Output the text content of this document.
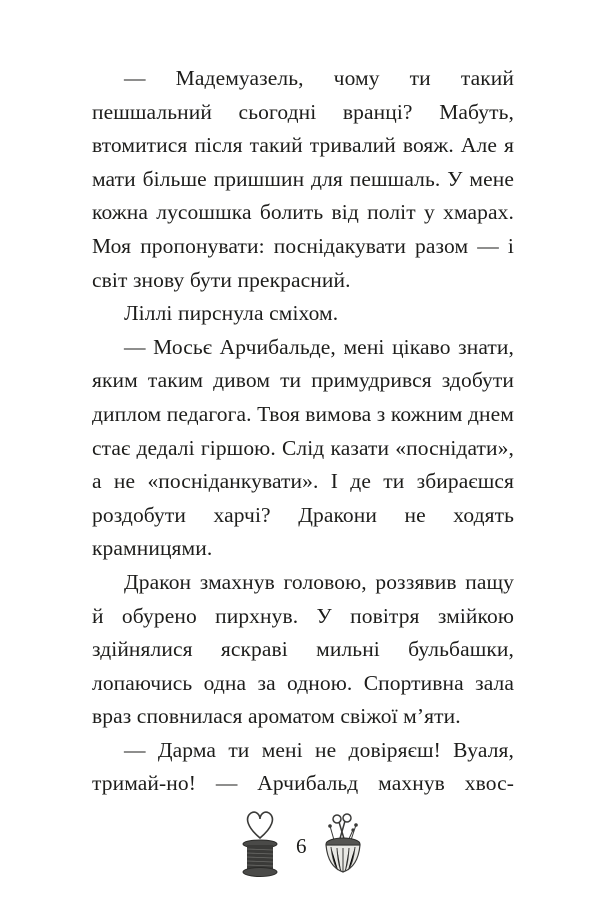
— Мадемуазель, чому ти такий пешшальний сьогодні вранці? Мабуть, втомитися після такий тривалий вояж. Але я мати більше пришшин для пешшаль. У мене кожна лусошшка болить від політ у хмарах. Моя пропонувати: поснідакувати разом — і світ знову бути прекрасний.

Ліллі пирснула сміхом.

— Мосьє Арчибальде, мені цікаво знати, яким таким дивом ти примудрився здобути диплом педагога. Твоя вимова з кожним днем стає дедалі гіршою. Слід казати «поснідати», а не «посніданкувати». І де ти збираєшся роздобути харчі? Дракони не ходять крамницями.

Дракон змахнув головою, роззявив пащу й обурено пирхнув. У повітря змійкою здійнялися яскраві мильні бульбашки, лопаючись одна за одною. Спортивна зала враз сповнилася ароматом свіжої м’яти.

— Дарма ти мені не довіряєш! Вуаля, тримай-но! — Арчибальд махнув хвос-

6
